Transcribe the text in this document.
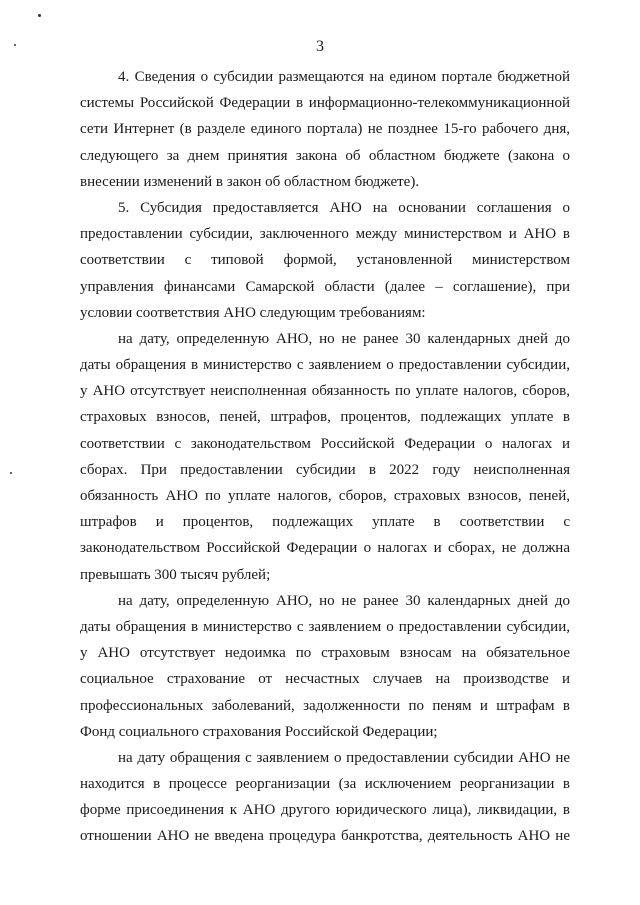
3
4. Сведения о субсидии размещаются на едином портале бюджетной
системы Российской Федерации в информационно-телекоммуникационной
сети Интернет (в разделе единого портала) не позднее 15-го рабочего дня,
следующего за днем принятия закона об областном бюджете (закона о
внесении изменений в закон об областном бюджете).
5. Субсидия предоставляется АНО на основании соглашения о
предоставлении субсидии, заключенного между министерством и АНО в
соответствии с типовой формой, установленной министерством
управления финансами Самарской области (далее – соглашение), при
условии соответствия АНО следующим требованиям:
на дату, определенную АНО, но не ранее 30 календарных дней до
даты обращения в министерство с заявлением о предоставлении субсидии,
у АНО отсутствует неисполненная обязанность по уплате налогов, сборов,
страховых взносов, пеней, штрафов, процентов, подлежащих уплате в
соответствии с законодательством Российской Федерации о налогах и
сборах. При предоставлении субсидии в 2022 году неисполненная
обязанность АНО по уплате налогов, сборов, страховых взносов, пеней,
штрафов и процентов, подлежащих уплате в соответствии с
законодательством Российской Федерации о налогах и сборах, не должна
превышать 300 тысяч рублей;
на дату, определенную АНО, но не ранее 30 календарных дней до
даты обращения в министерство с заявлением о предоставлении субсидии,
у АНО отсутствует недоимка по страховым взносам на обязательное
социальное страхование от несчастных случаев на производстве и
профессиональных заболеваний, задолженности по пеням и штрафам в
Фонд социального страхования Российской Федерации;
на дату обращения с заявлением о предоставлении субсидии АНО не
находится в процессе реорганизации (за исключением реорганизации в
форме присоединения к АНО другого юридического лица), ликвидации, в
отношении АНО не введена процедура банкротства, деятельность АНО не
